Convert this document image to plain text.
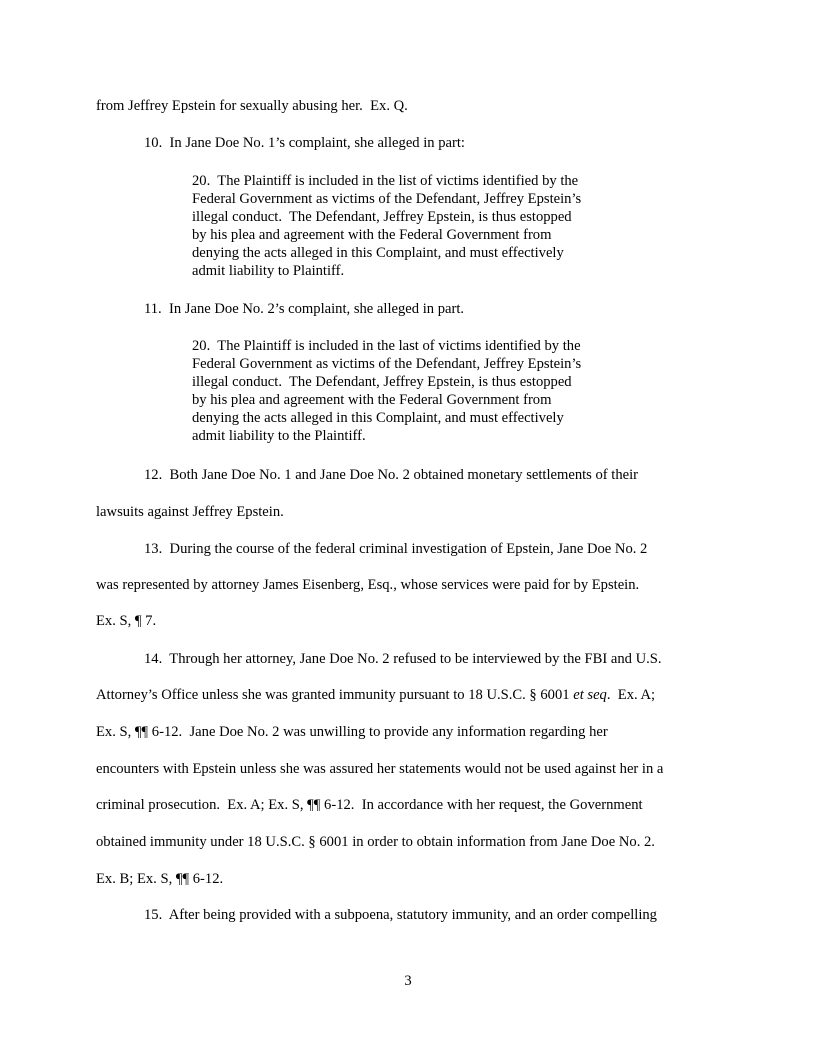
from Jeffrey Epstein for sexually abusing her.  Ex. Q.

10.  In Jane Doe No. 1’s complaint, she alleged in part:

20.  The Plaintiff is included in the list of victims identified by the

Federal Government as victims of the Defendant, Jeffrey Epstein’s

illegal conduct.  The Defendant, Jeffrey Epstein, is thus estopped

by his plea and agreement with the Federal Government from

denying the acts alleged in this Complaint, and must effectively

admit liability to Plaintiff.

11.  In Jane Doe No. 2’s complaint, she alleged in part.

20.  The Plaintiff is included in the last of victims identified by the

Federal Government as victims of the Defendant, Jeffrey Epstein’s

illegal conduct.  The Defendant, Jeffrey Epstein, is thus estopped

by his plea and agreement with the Federal Government from

denying the acts alleged in this Complaint, and must effectively

admit liability to the Plaintiff.

12.  Both Jane Doe No. 1 and Jane Doe No. 2 obtained monetary settlements of their

lawsuits against Jeffrey Epstein.

13.  During the course of the federal criminal investigation of Epstein, Jane Doe No. 2

was represented by attorney James Eisenberg, Esq., whose services were paid for by Epstein.

Ex. S, ¶ 7.

14.  Through her attorney, Jane Doe No. 2 refused to be interviewed by the FBI and U.S.

Attorney’s Office unless she was granted immunity pursuant to 18 U.S.C. § 6001 et seq.  Ex. A;

Ex. S, ¶¶ 6-12.  Jane Doe No. 2 was unwilling to provide any information regarding her

encounters with Epstein unless she was assured her statements would not be used against her in a

criminal prosecution.  Ex. A; Ex. S, ¶¶ 6-12.  In accordance with her request, the Government

obtained immunity under 18 U.S.C. § 6001 in order to obtain information from Jane Doe No. 2.

Ex. B; Ex. S, ¶¶ 6-12.

15.  After being provided with a subpoena, statutory immunity, and an order compelling

3
